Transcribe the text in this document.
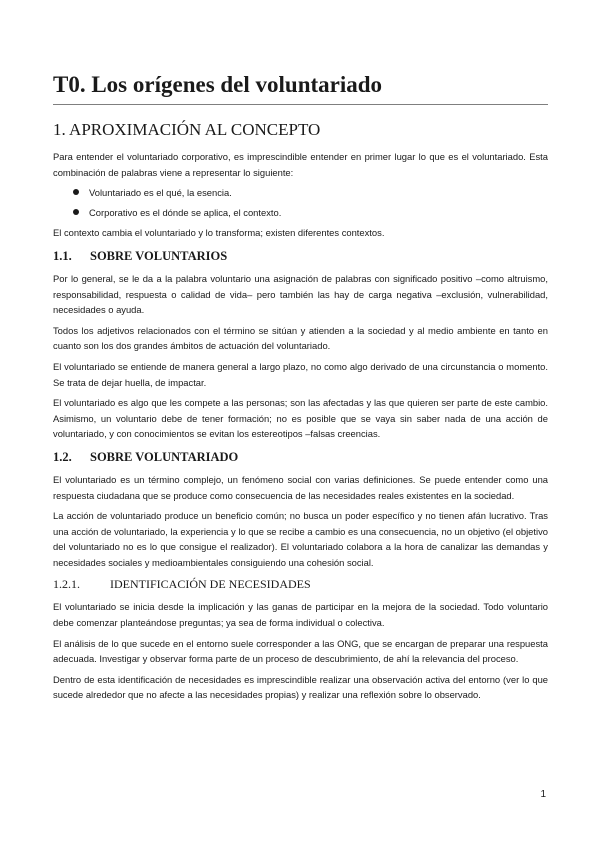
T0. Los orígenes del voluntariado
1. APROXIMACIÓN AL CONCEPTO

Para entender el voluntariado corporativo, es imprescindible entender en primer lugar lo que es el voluntariado. Esta combinación de palabras viene a representar lo siguiente:

Voluntariado es el qué, la esencia.
Corporativo es el dónde se aplica, el contexto.

El contexto cambia el voluntariado y lo transforma; existen diferentes contextos.

1.1. SOBRE VOLUNTARIOS

Por lo general, se le da a la palabra voluntario una asignación de palabras con significado positivo –como altruismo, responsabilidad, respuesta o calidad de vida– pero también las hay de carga negativa –exclusión, vulnerabilidad, necesidades o ayuda.

Todos los adjetivos relacionados con el término se sitúan y atienden a la sociedad y al medio ambiente en tanto en cuanto son los dos grandes ámbitos de actuación del voluntariado.

El voluntariado se entiende de manera general a largo plazo, no como algo derivado de una circunstancia o momento. Se trata de dejar huella, de impactar.

El voluntariado es algo que les compete a las personas; son las afectadas y las que quieren ser parte de este cambio. Asimismo, un voluntario debe de tener formación; no es posible que se vaya sin saber nada de una acción de voluntariado, y con conocimientos se evitan los estereotipos –falsas creencias.

1.2. SOBRE VOLUNTARIADO

El voluntariado es un término complejo, un fenómeno social con varias definiciones. Se puede entender como una respuesta ciudadana que se produce como consecuencia de las necesidades reales existentes en la sociedad.

La acción de voluntariado produce un beneficio común; no busca un poder específico y no tienen afán lucrativo. Tras una acción de voluntariado, la experiencia y lo que se recibe a cambio es una consecuencia, no un objetivo (el objetivo del voluntariado no es lo que consigue el realizador). El voluntariado colabora a la hora de canalizar las demandas y necesidades sociales y medioambientales consiguiendo una cohesión social.

1.2.1.	IDENTIFICACIÓN DE NECESIDADES

El voluntariado se inicia desde la implicación y las ganas de participar en la mejora de la sociedad. Todo voluntario debe comenzar planteándose preguntas; ya sea de forma individual o colectiva.

El análisis de lo que sucede en el entorno suele corresponder a las ONG, que se encargan de preparar una respuesta adecuada. Investigar y observar forma parte de un proceso de descubrimiento, de ahí la relevancia del proceso.

Dentro de esta identificación de necesidades es imprescindible realizar una observación activa del entorno (ver lo que sucede alrededor que no afecte a las necesidades propias) y realizar una reflexión sobre lo observado.

1
